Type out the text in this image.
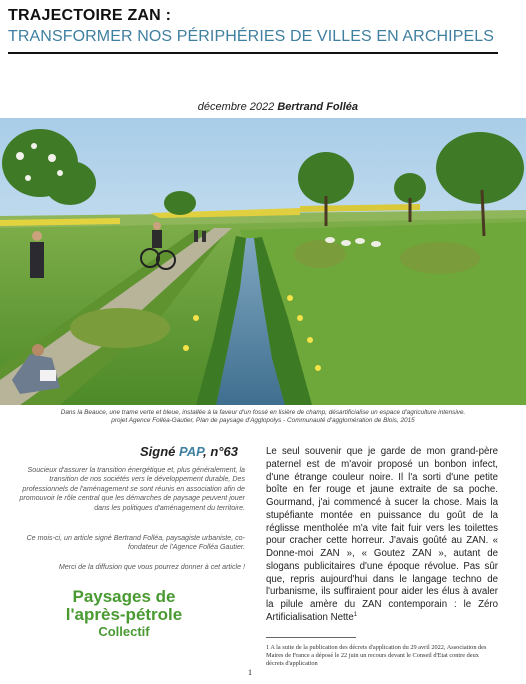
TRAJECTOIRE ZAN :
TRANSFORMER NOS PÉRIPHÉRIES DE VILLES EN ARCHIPELS
décembre 2022 Bertrand Folléa
Dans la Beauce, une trame verte et bleue, installée à la faveur d'un fossé en lisière de champ, désartificialise un espace d'agriculture intensive.
projet Agence Folléa-Gautier, Plan de paysage d'Agglopolys - Communauté d'agglomération de Blois, 2015
Signé PAP, n°63
Soucieux d'assurer la transition énergétique et, plus généralement, la transition de nos sociétés vers le développement durable, Des professionnels de l'aménagement se sont réunis en association afin de promouvoir le rôle central que les démarches de paysage peuvent jouer dans les politiques d'aménagement du territoire.
Ce mois-ci, un article signé Bertrand Folléa, paysagiste urbaniste, co-fondateur de l'Agence Folléa Gautier.
Merci de la diffusion que vous pourrez donner à cet article !
Paysages de
l'après-pétrole
Collectif

Le seul souvenir que je garde de mon grand-père paternel est de m'avoir proposé un bonbon infect, d'une étrange couleur noire. Il l'a sorti d'une petite boîte en fer rouge et jaune extraite de sa poche. Gourmand, j'ai commencé à sucer la chose. Mais la stupéfiante montée en puissance du goût de la réglisse mentholée m'a vite fait fuir vers les toilettes pour cracher cette horreur. J'avais goûté au ZAN. « Donne-moi ZAN », « Goutez ZAN », autant de slogans publicitaires d'une époque révolue. Pas sûr que, repris aujourd'hui dans le langage techno de l'urbanisme, ils suffiraient pour aider les élus à avaler la pilule amère du ZAN contemporain : le Zéro Artificialisation Nette$^1$

1 A la suite de la publication des décrets d'application du 29 avril 2022, Association des Maires de France a déposé le 22 juin un recours devant le Conseil d'Etat contre deux décrets d'application
1
